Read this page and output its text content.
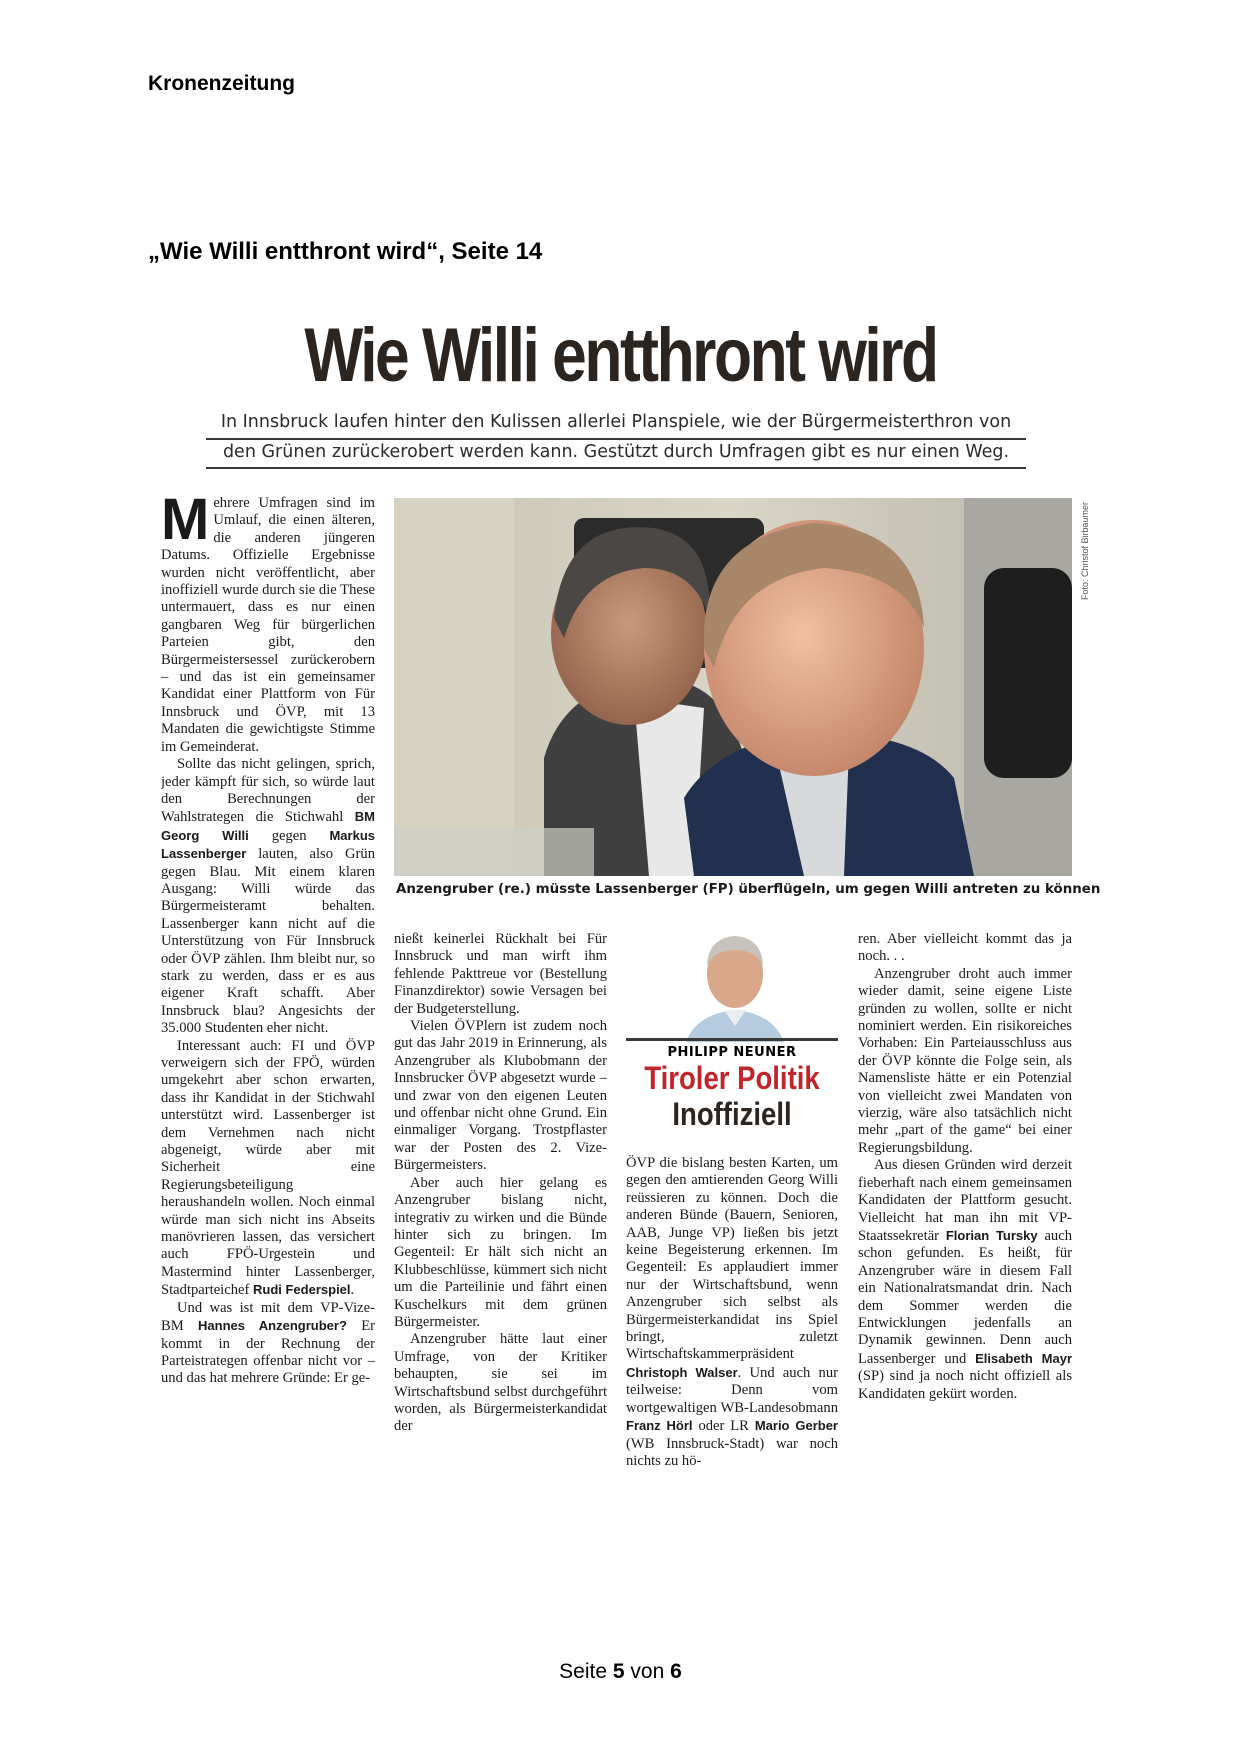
Kronenzeitung
„Wie Willi entthront wird“, Seite 14
Wie Willi entthront wird
In Innsbruck laufen hinter den Kulissen allerlei Planspiele, wie der Bürgermeisterthron von
den Grünen zurückerobert werden kann. Gestützt durch Umfragen gibt es nur einen Weg.

Mehrere Umfragen sind im Umlauf, die einen älteren, die anderen jüngeren Datums. Offizielle Ergebnisse wurden nicht veröffentlicht, aber inoffiziell wurde durch sie die These untermauert, dass es nur einen gangbaren Weg für bürgerlichen Parteien gibt, den Bürgermeistersessel zurückerobern – und das ist ein gemeinsamer Kandidat einer Plattform von Für Innsbruck und ÖVP, mit 13 Mandaten die gewichtigste Stimme im Gemeinderat.

Sollte das nicht gelingen, sprich, jeder kämpft für sich, so würde laut den Berechnungen der Wahlstrategen die Stichwahl BM Georg Willi gegen Markus Lassenberger lauten, also Grün gegen Blau. Mit einem klaren Ausgang: Willi würde das Bürgermeisteramt behalten. Lassenberger kann nicht auf die Unterstützung von Für Innsbruck oder ÖVP zählen. Ihm bleibt nur, so stark zu werden, dass er es aus eigener Kraft schafft. Aber Innsbruck blau? Angesichts der 35.000 Studenten eher nicht.

Interessant auch: FI und ÖVP verweigern sich der FPÖ, würden umgekehrt aber schon erwarten, dass ihr Kandidat in der Stichwahl unterstützt wird. Lassenberger ist dem Vernehmen nach nicht abgeneigt, würde aber mit Sicherheit eine Regierungsbeteiligung heraushandeln wollen. Noch einmal würde man sich nicht ins Abseits manövrieren lassen, das versichert auch FPÖ-Urgestein und Mastermind hinter Lassenberger, Stadtparteichef Rudi Federspiel.

Und was ist mit dem VP-Vize-BM Hannes Anzengruber? Er kommt in der Rechnung der Parteistrategen offenbar nicht vor – und das hat mehrere Gründe: Er ge-

Foto: Christof Birbaumer
Anzengruber (re.) müsste Lassenberger (FP) überflügeln, um gegen Willi antreten zu können

nießt keinerlei Rückhalt bei Für Innsbruck und man wirft ihm fehlende Pakttreue vor (Bestellung Finanzdirektor) sowie Versagen bei der Budgeterstellung.

Vielen ÖVPlern ist zudem noch gut das Jahr 2019 in Erinnerung, als Anzengruber als Klubobmann der Innsbrucker ÖVP abgesetzt wurde – und zwar von den eigenen Leuten und offenbar nicht ohne Grund. Ein einmaliger Vorgang. Trostpflaster war der Posten des 2. Vize-Bürgermeisters.

Aber auch hier gelang es Anzengruber bislang nicht, integrativ zu wirken und die Bünde hinter sich zu bringen. Im Gegenteil: Er hält sich nicht an Klubbeschlüsse, kümmert sich nicht um die Parteilinie und fährt einen Kuschelkurs mit dem grünen Bürgermeister.

Anzengruber hätte laut einer Umfrage, von der Kritiker behaupten, sie sei im Wirtschaftsbund selbst durchgeführt worden, als Bürgermeisterkandidat der

PHILIPP NEUNER
Tiroler Politik
Inoffiziell

ÖVP die bislang besten Karten, um gegen den amtierenden Georg Willi reüssieren zu können. Doch die anderen Bünde (Bauern, Senioren, AAB, Junge VP) ließen bis jetzt keine Begeisterung erkennen. Im Gegenteil: Es applaudiert immer nur der Wirtschaftsbund, wenn Anzengruber sich selbst als Bürgermeisterkandidat ins Spiel bringt, zuletzt Wirtschaftskammerpräsident Christoph Walser. Und auch nur teilweise: Denn vom wortgewaltigen WB-Landesobmann Franz Hörl oder LR Mario Gerber (WB Innsbruck-Stadt) war noch nichts zu hö-

ren. Aber vielleicht kommt das ja noch. . .

Anzengruber droht auch immer wieder damit, seine eigene Liste gründen zu wollen, sollte er nicht nominiert werden. Ein risikoreiches Vorhaben: Ein Parteiausschluss aus der ÖVP könnte die Folge sein, als Namensliste hätte er ein Potenzial von vielleicht zwei Mandaten von vierzig, wäre also tatsächlich nicht mehr „part of the game“ bei einer Regierungsbildung.

Aus diesen Gründen wird derzeit fieberhaft nach einem gemeinsamen Kandidaten der Plattform gesucht. Vielleicht hat man ihn mit VP-Staatssekretär Florian Tursky auch schon gefunden. Es heißt, für Anzengruber wäre in diesem Fall ein Nationalratsmandat drin. Nach dem Sommer werden die Entwicklungen jedenfalls an Dynamik gewinnen. Denn auch Lassenberger und Elisabeth Mayr (SP) sind ja noch nicht offiziell als Kandidaten gekürt worden.

Seite 5 von 6
